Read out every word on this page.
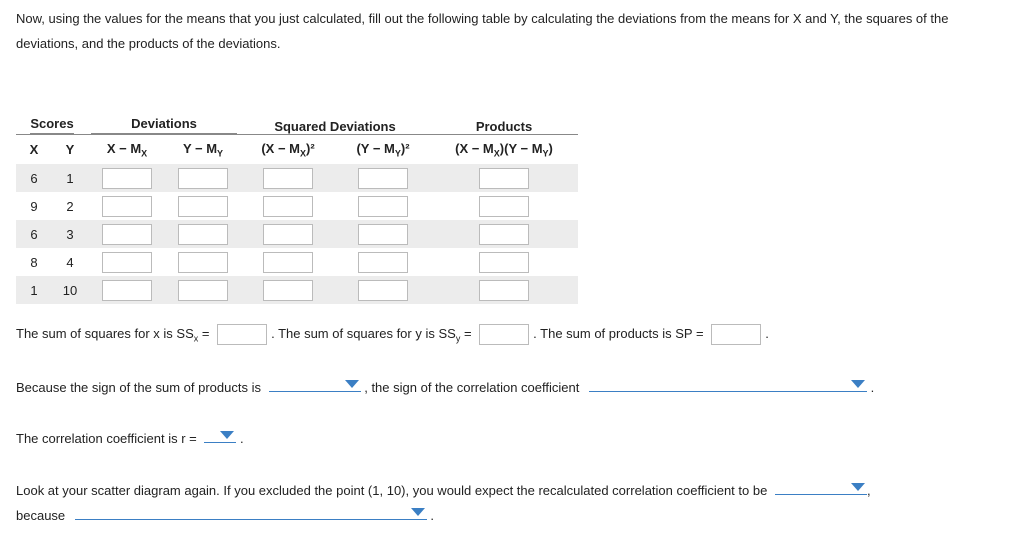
Now, using the values for the means that you just calculated, fill out the following table by calculating the deviations from the means for X and Y, the squares of the deviations, and the products of the deviations.
Scores		Deviations		Squared Deviations		Products
X	Y	$X - M_X$	$Y - M_Y$	$(X - M_X)^2$	$(Y - M_Y)^2$	$(X - M_X)(Y - M_Y)$
6	1					
9	2					
6	3					
8	4					
1	10					
The sum of squares for x is $SS_x$ =	. The sum of squares for y is $SS_y$ =	. The sum of products is SP =	.
Because the sign of the sum of products is	, the sign of the correlation coefficient	.
The correlation coefficient is r =	.
Look at your scatter diagram again. If you excluded the point (1, 10), you would expect the recalculated correlation coefficient to be	,
because	.
